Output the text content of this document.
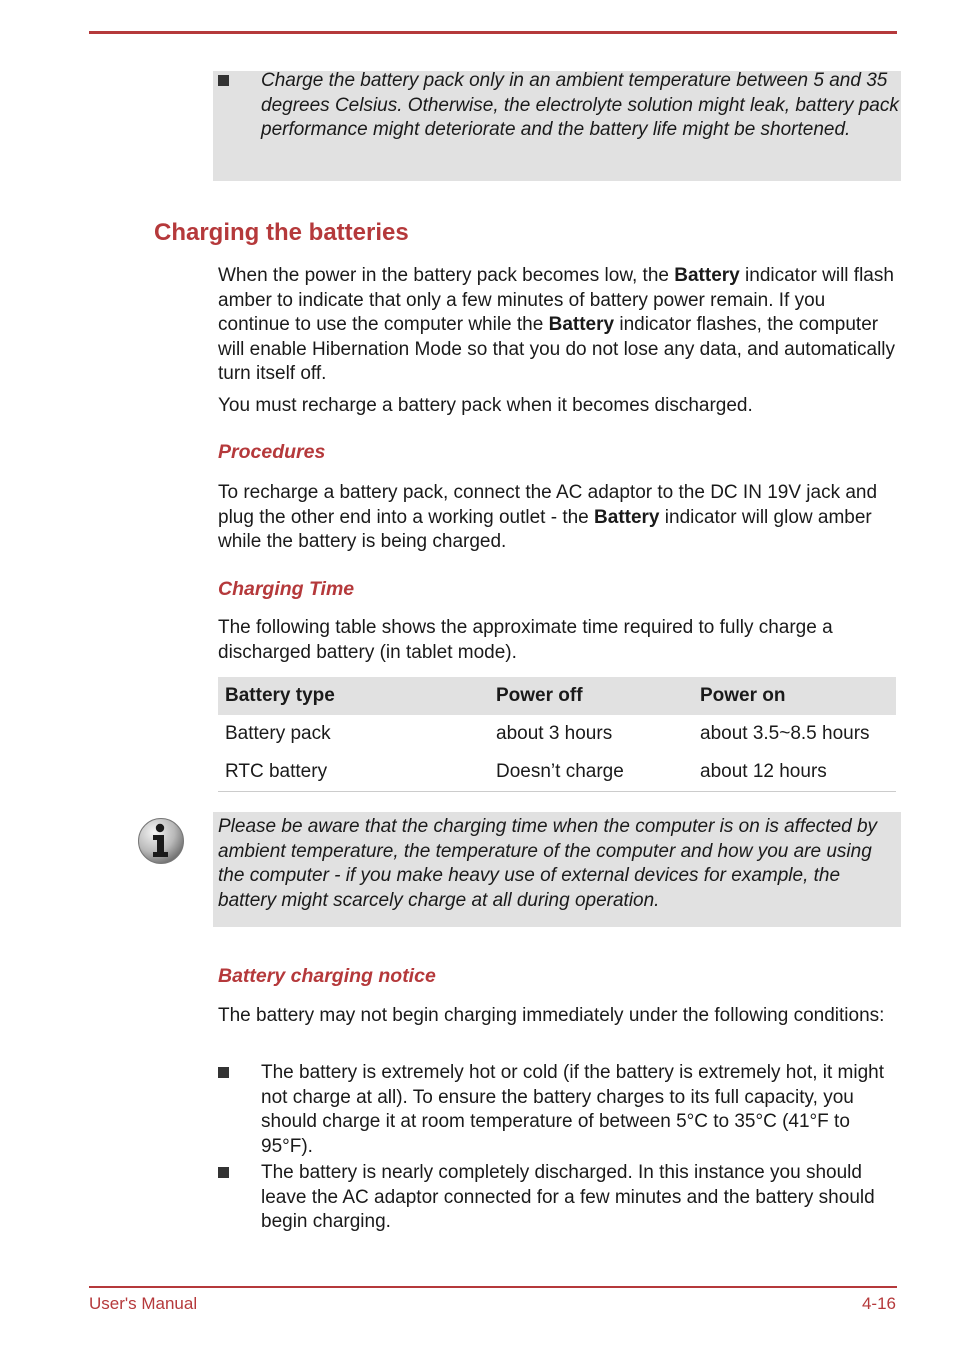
Charge the battery pack only in an ambient temperature between 5 and 35 degrees Celsius. Otherwise, the electrolyte solution might leak, battery pack performance might deteriorate and the battery life might be shortened.

Charging the batteries

When the power in the battery pack becomes low, the Battery indicator will flash amber to indicate that only a few minutes of battery power remain. If you continue to use the computer while the Battery indicator flashes, the computer will enable Hibernation Mode so that you do not lose any data, and automatically turn itself off.

You must recharge a battery pack when it becomes discharged.

Procedures

To recharge a battery pack, connect the AC adaptor to the DC IN 19V jack and plug the other end into a working outlet - the Battery indicator will glow amber while the battery is being charged.

Charging Time

The following table shows the approximate time required to fully charge a discharged battery (in tablet mode).

Battery type	Power off	Power on
Battery pack	about 3 hours	about 3.5~8.5 hours
RTC battery	Doesn’t charge	about 12 hours

Please be aware that the charging time when the computer is on is affected by ambient temperature, the temperature of the computer and how you are using the computer - if you make heavy use of external devices for example, the battery might scarcely charge at all during operation.

Battery charging notice

The battery may not begin charging immediately under the following conditions:

The battery is extremely hot or cold (if the battery is extremely hot, it might not charge at all). To ensure the battery charges to its full capacity, you should charge it at room temperature of between 5°C to 35°C (41°F to 95°F).

The battery is nearly completely discharged. In this instance you should leave the AC adaptor connected for a few minutes and the battery should begin charging.

User's Manual	4-16
